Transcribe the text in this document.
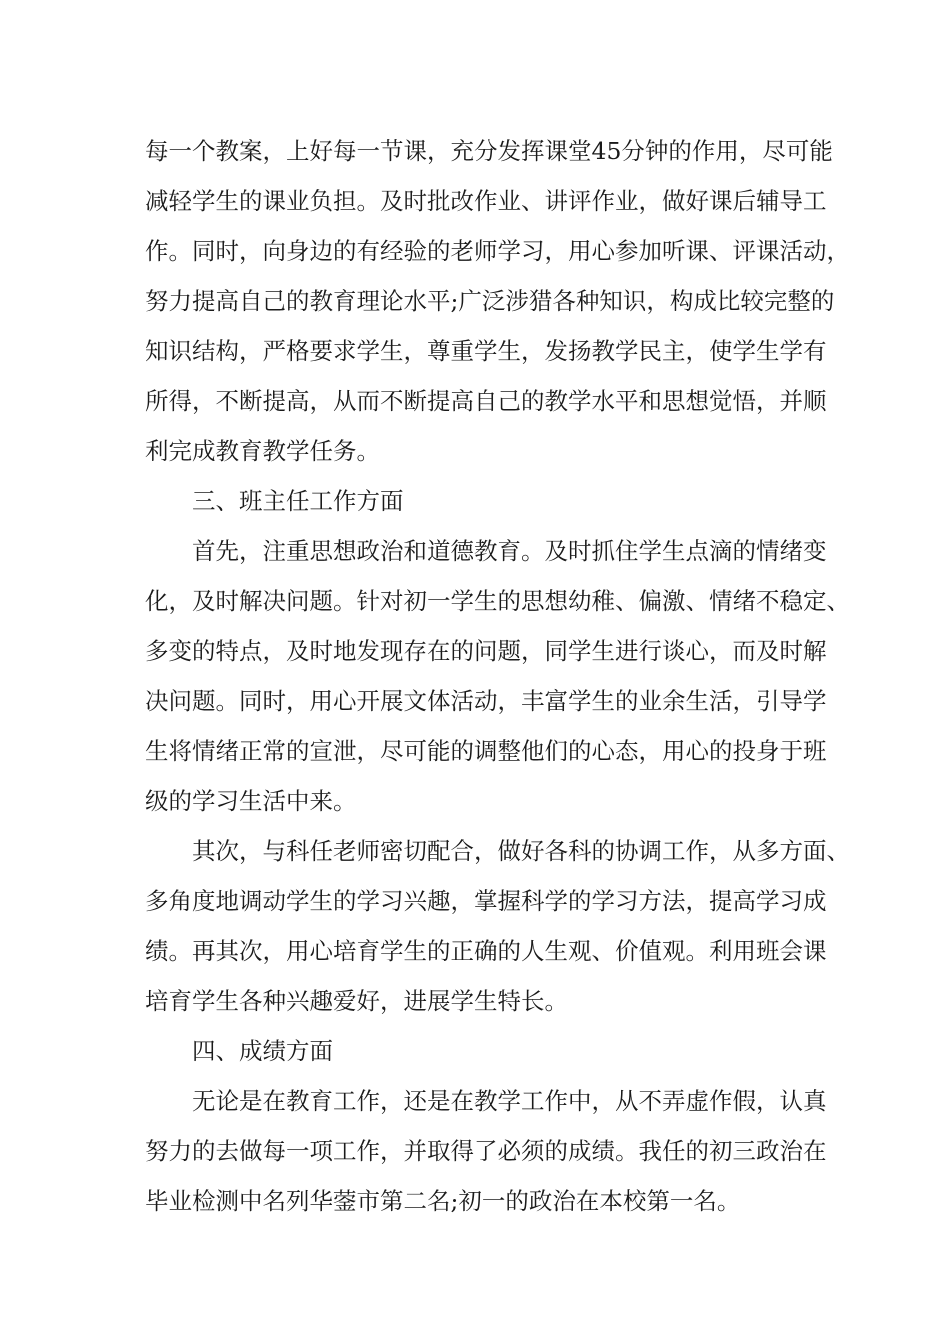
每一个教案，上好每一节课，充分发挥课堂45分钟的作用，尽可能
减轻学生的课业负担。及时批改作业、讲评作业，做好课后辅导工
作。同时，向身边的有经验的老师学习，用心参加听课、评课活动，
努力提高自己的教育理论水平;广泛涉猎各种知识，构成比较完整的
知识结构，严格要求学生，尊重学生，发扬教学民主，使学生学有
所得，不断提高，从而不断提高自己的教学水平和思想觉悟，并顺
利完成教育教学任务。
三、班主任工作方面
首先，注重思想政治和道德教育。及时抓住学生点滴的情绪变
化，及时解决问题。针对初一学生的思想幼稚、偏激、情绪不稳定、
多变的特点，及时地发现存在的问题，同学生进行谈心，而及时解
决问题。同时，用心开展文体活动，丰富学生的业余生活，引导学
生将情绪正常的宣泄，尽可能的调整他们的心态，用心的投身于班
级的学习生活中来。
其次，与科任老师密切配合，做好各科的协调工作，从多方面、
多角度地调动学生的学习兴趣，掌握科学的学习方法，提高学习成
绩。再其次，用心培育学生的正确的人生观、价值观。利用班会课
培育学生各种兴趣爱好，进展学生特长。
四、成绩方面
无论是在教育工作，还是在教学工作中，从不弄虚作假，认真
努力的去做每一项工作，并取得了必须的成绩。我任的初三政治在
毕业检测中名列华蓥市第二名;初一的政治在本校第一名。
